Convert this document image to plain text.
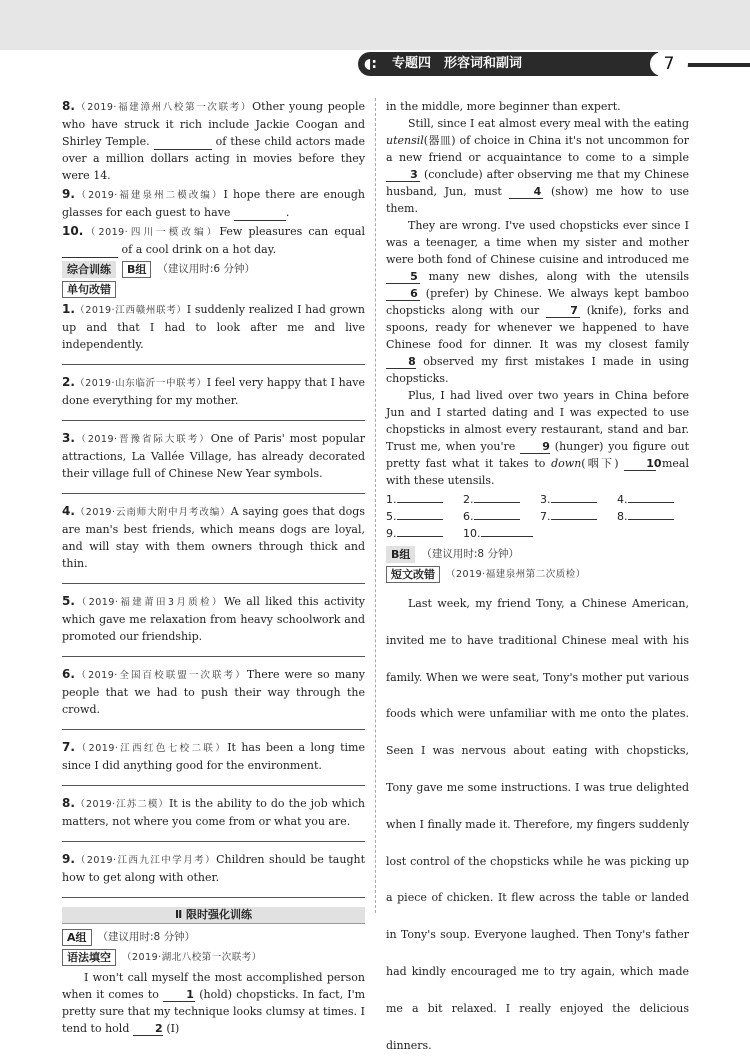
◖: 专题四　形容词和副词	7

8.（2019·福建漳州八校第一次联考）Other young people who have struck it rich include Jackie Coogan and Shirley Temple.	of these child actors made over a million dollars acting in movies before they were 14.

9.（2019·福建泉州二模改编）I hope there are enough glasses for each guest to have	.

10.（2019·四川一模改编）Few pleasures can equal  of a cool drink on a hot day.

综合训练	B组	（建议用时:6 分钟）
单句改错

1.（2019·江西赣州联考）I suddenly realized I had grown up and that I had to look after me and live independently.

2.（2019·山东临沂一中联考）I feel very happy that I have done everything for my mother.

3.（2019·晋豫省际大联考）One of Paris' most popular attractions, La Vallée Village, has already decorated their village full of Chinese New Year symbols.

4.（2019·云南师大附中月考改编）A saying goes that dogs are man's best friends, which means dogs are loyal, and will stay with them owners through thick and thin.

5.（2019·福建莆田3月质检）We all liked this activity which gave me relaxation from heavy schoolwork and promoted our friendship.

6.（2019·全国百校联盟一次联考）There were so many people that we had to push their way through the crowd.

7.（2019·江西红色七校二联）It has been a long time since I did anything good for the environment.

8.（2019·江苏二模）It is the ability to do the job which matters, not where you come from or what you are.

9.（2019·江西九江中学月考）Children should be taught how to get along with other.

Ⅱ 限时强化训练
A组	（建议用时:8 分钟）
语法填空	（2019·湖北八校第一次联考）

I won't call myself the most accomplished person when it comes to 1 (hold) chopsticks. In fact, I'm pretty sure that my technique looks clumsy at times. I tend to hold 2 (I)

in the middle, more beginner than expert.

Still, since I eat almost every meal with the eating utensil(器皿) of choice in China it's not uncommon for a new friend or acquaintance to come to a simple 3 (conclude) after observing me that my Chinese husband, Jun, must	4 (show) me how to use them.

They are wrong. I've used chopsticks ever since I was a teenager, a time when my sister and mother were both fond of Chinese cuisine and introduced me 5 many new dishes, along with the utensils 6 (prefer) by Chinese. We always kept bamboo chopsticks along with our	7 (knife), forks and spoons, ready for whenever we happened to have Chinese food for dinner. It was my closest family 8 observed my first mistakes I made in using chopsticks.

Plus, I had lived over two years in China before Jun and I started dating and I was expected to use chopsticks in almost every restaurant, stand and bar. Trust me, when you're 9 (hunger) you figure out pretty fast what it takes to down(咽下)	10 meal with these utensils.

1.	2.	3.	4.
5.	6.	7.	8.
9.	10.
B组	（建议用时:8 分钟）
短文改错	（2019·福建泉州第二次质检）

Last week, my friend Tony, a Chinese American, invited me to have traditional Chinese meal with his family. When we were seat, Tony's mother put various foods which were unfamiliar with me onto the plates. Seen I was nervous about eating with chopsticks, Tony gave me some instructions. I was true delighted when I finally made it. Therefore, my fingers suddenly lost control of the chopsticks while he was picking up a piece of chicken. It flew across the table or landed in Tony's soup. Everyone laughed. Then Tony's father had kindly encouraged me to try again, which made me a bit relaxed. I really enjoyed the delicious dinners.
